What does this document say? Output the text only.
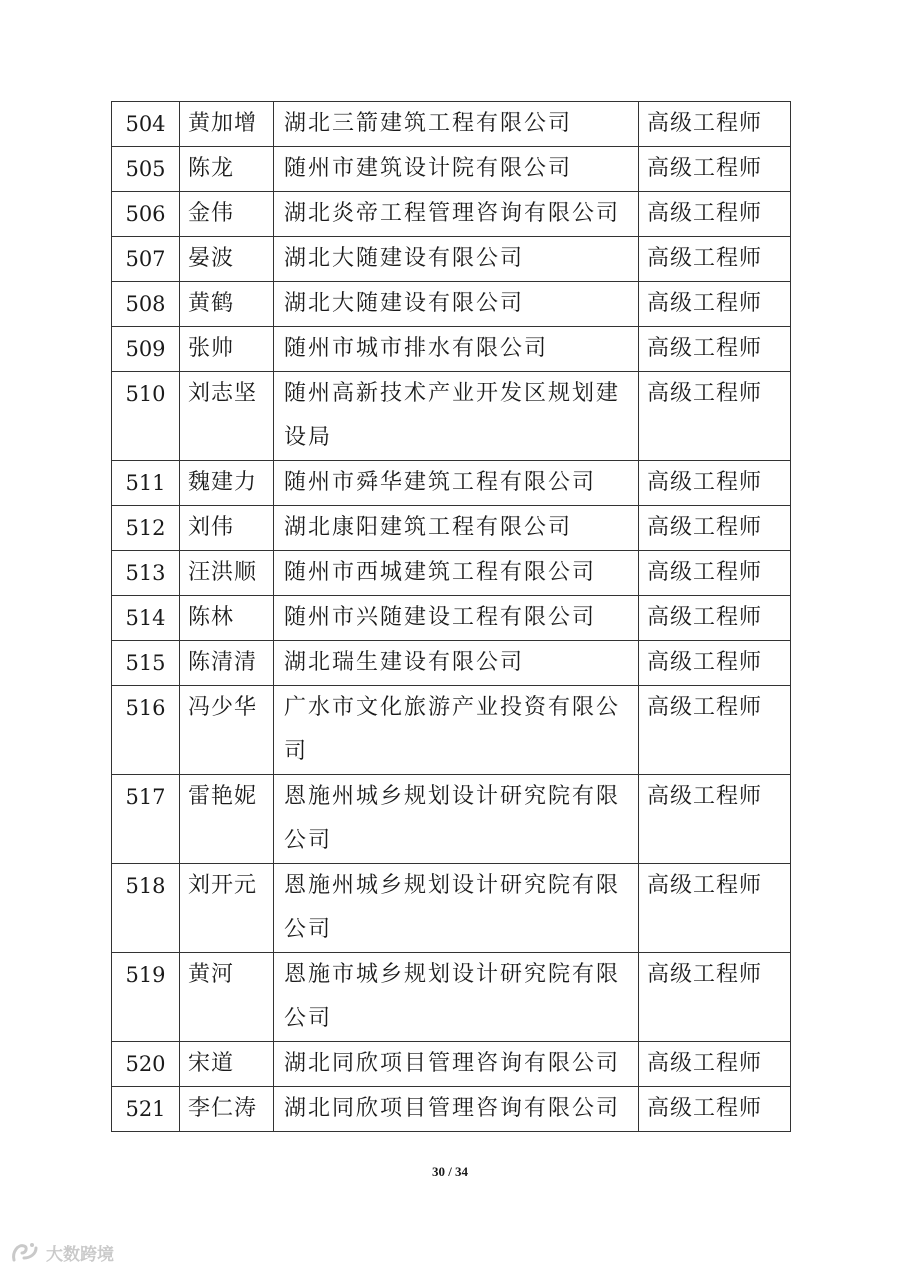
504	黄加增	湖北三箭建筑工程有限公司	高级工程师
505	陈龙	随州市建筑设计院有限公司	高级工程师
506	金伟	湖北炎帝工程管理咨询有限公司	高级工程师
507	晏波	湖北大随建设有限公司	高级工程师
508	黄鹤	湖北大随建设有限公司	高级工程师
509	张帅	随州市城市排水有限公司	高级工程师
510	刘志坚	随州高新技术产业开发区规划建设局	高级工程师
511	魏建力	随州市舜华建筑工程有限公司	高级工程师
512	刘伟	湖北康阳建筑工程有限公司	高级工程师
513	汪洪顺	随州市西城建筑工程有限公司	高级工程师
514	陈林	随州市兴随建设工程有限公司	高级工程师
515	陈清清	湖北瑞生建设有限公司	高级工程师
516	冯少华	广水市文化旅游产业投资有限公司	高级工程师
517	雷艳妮	恩施州城乡规划设计研究院有限公司	高级工程师
518	刘开元	恩施州城乡规划设计研究院有限公司	高级工程师
519	黄河	恩施市城乡规划设计研究院有限公司	高级工程师
520	宋道	湖北同欣项目管理咨询有限公司	高级工程师
521	李仁涛	湖北同欣项目管理咨询有限公司	高级工程师
30 / 34
大数跨境
